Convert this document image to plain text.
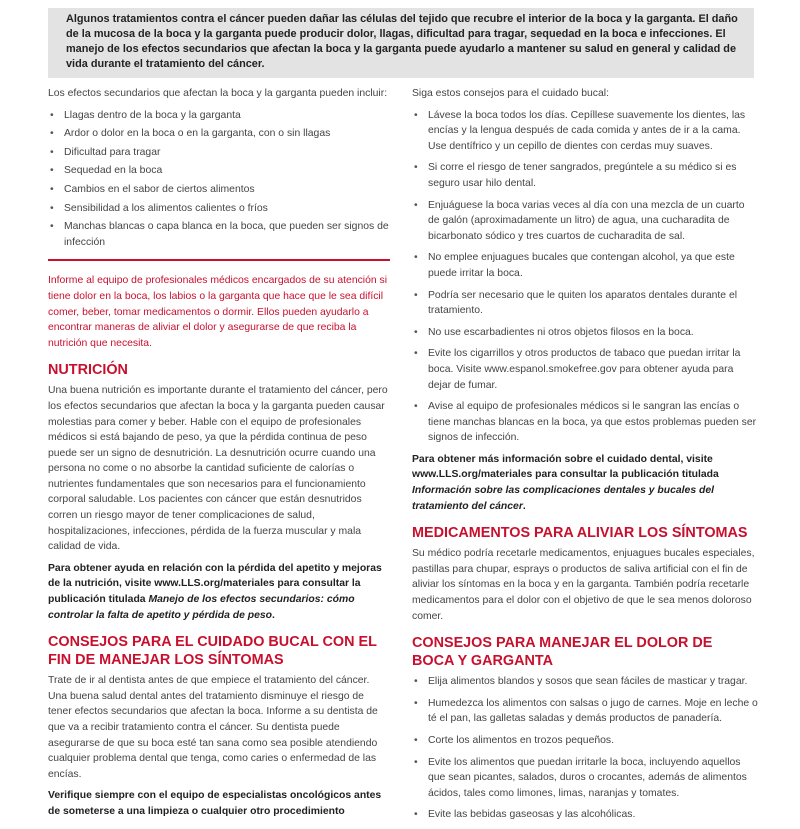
Algunos tratamientos contra el cáncer pueden dañar las células del tejido que recubre el interior de la boca y la garganta. El daño de la mucosa de la boca y la garganta puede producir dolor, llagas, dificultad para tragar, sequedad en la boca e infecciones. El manejo de los efectos secundarios que afectan la boca y la garganta puede ayudarlo a mantener su salud en general y calidad de vida durante el tratamiento del cáncer.

Los efectos secundarios que afectan la boca y la garganta pueden incluir:

• Llagas dentro de la boca y la garganta
• Ardor o dolor en la boca o en la garganta, con o sin llagas
• Dificultad para tragar
• Sequedad en la boca
• Cambios en el sabor de ciertos alimentos
• Sensibilidad a los alimentos calientes o fríos
• Manchas blancas o capa blanca en la boca, que pueden ser signos de infección
Informe al equipo de profesionales médicos encargados de su atención si tiene dolor en la boca, los labios o la garganta que hace que le sea difícil comer, beber, tomar medicamentos o dormir. Ellos pueden ayudarlo a encontrar maneras de aliviar el dolor y asegurarse de que reciba la nutrición que necesita.
NUTRICIÓN

Una buena nutrición es importante durante el tratamiento del cáncer, pero los efectos secundarios que afectan la boca y la garganta pueden causar molestias para comer y beber. Hable con el equipo de profesionales médicos si está bajando de peso, ya que la pérdida continua de peso puede ser un signo de desnutrición. La desnutrición ocurre cuando una persona no come o no absorbe la cantidad suficiente de calorías o nutrientes fundamentales que son necesarios para el funcionamiento corporal saludable. Los pacientes con cáncer que están desnutridos corren un riesgo mayor de tener complicaciones de salud, hospitalizaciones, infecciones, pérdida de la fuerza muscular y mala calidad de vida.

Para obtener ayuda en relación con la pérdida del apetito y mejoras de la nutrición, visite www.LLS.org/materiales para consultar la publicación titulada Manejo de los efectos secundarios: cómo controlar la falta de apetito y pérdida de peso.

CONSEJOS PARA EL CUIDADO BUCAL CON EL FIN DE MANEJAR LOS SÍNTOMAS

Trate de ir al dentista antes de que empiece el tratamiento del cáncer. Una buena salud dental antes del tratamiento disminuye el riesgo de tener efectos secundarios que afectan la boca. Informe a su dentista de que va a recibir tratamiento contra el cáncer. Su dentista puede asegurarse de que su boca esté tan sana como sea posible atendiendo cualquier problema dental que tenga, como caries o enfermedad de las encías.

Verifique siempre con el equipo de especialistas oncológicos antes de someterse a una limpieza o cualquier otro procedimiento

Siga estos consejos para el cuidado bucal:

• Lávese la boca todos los días. Cepíllese suavemente los dientes, las encías y la lengua después de cada comida y antes de ir a la cama. Use dentífrico y un cepillo de dientes con cerdas muy suaves.
• Si corre el riesgo de tener sangrados, pregúntele a su médico si es seguro usar hilo dental.
• Enjuáguese la boca varias veces al día con una mezcla de un cuarto de galón (aproximadamente un litro) de agua, una cucharadita de bicarbonato sódico y tres cuartos de cucharadita de sal.
• No emplee enjuagues bucales que contengan alcohol, ya que este puede irritar la boca.
• Podría ser necesario que le quiten los aparatos dentales durante el tratamiento.
• No use escarbadientes ni otros objetos filosos en la boca.
• Evite los cigarrillos y otros productos de tabaco que puedan irritar la boca. Visite www.espanol.smokefree.gov para obtener ayuda para dejar de fumar.
• Avise al equipo de profesionales médicos si le sangran las encías o tiene manchas blancas en la boca, ya que estos problemas pueden ser signos de infección.

Para obtener más información sobre el cuidado dental, visite www.LLS.org/materiales para consultar la publicación titulada Información sobre las complicaciones dentales y bucales del tratamiento del cáncer.

MEDICAMENTOS PARA ALIVIAR LOS SÍNTOMAS

Su médico podría recetarle medicamentos, enjuagues bucales especiales, pastillas para chupar, esprays o productos de saliva artificial con el fin de aliviar los síntomas en la boca y en la garganta. También podría recetarle medicamentos para el dolor con el objetivo de que le sea menos doloroso comer.

CONSEJOS PARA MANEJAR EL DOLOR DE BOCA Y GARGANTA
• Elija alimentos blandos y sosos que sean fáciles de masticar y tragar.
• Humedezca los alimentos con salsas o jugo de carnes. Moje en leche o té el pan, las galletas saladas y demás productos de panadería.
• Corte los alimentos en trozos pequeños.
• Evite los alimentos que puedan irritarle la boca, incluyendo aquellos que sean picantes, salados, duros o crocantes, además de alimentos ácidos, tales como limones, limas, naranjas y tomates.
• Evite las bebidas gaseosas y las alcohólicas.
